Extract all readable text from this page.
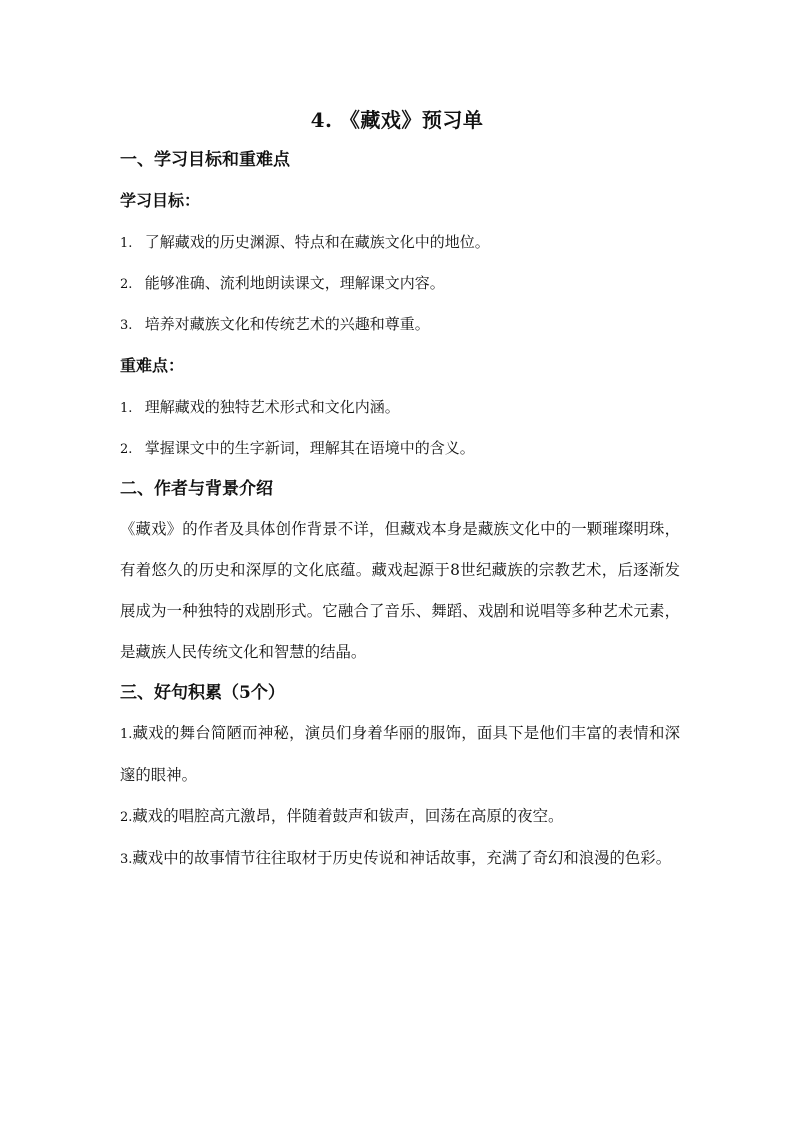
4. 《藏戏》预习单
一、学习目标和重难点
学习目标：
1. 了解藏戏的历史渊源、特点和在藏族文化中的地位。
2. 能够准确、流利地朗读课文，理解课文内容。
3. 培养对藏族文化和传统艺术的兴趣和尊重。
重难点：
1. 理解藏戏的独特艺术形式和文化内涵。
2. 掌握课文中的生字新词，理解其在语境中的含义。
二、作者与背景介绍
《藏戏》的作者及具体创作背景不详，但藏戏本身是藏族文化中的一颗璀璨明珠，有着悠久的历史和深厚的文化底蕴。藏戏起源于8世纪藏族的宗教艺术，后逐渐发展成为一种独特的戏剧形式。它融合了音乐、舞蹈、戏剧和说唱等多种艺术元素，是藏族人民传统文化和智慧的结晶。
三、好句积累（5个）
1.藏戏的舞台简陋而神秘，演员们身着华丽的服饰，面具下是他们丰富的表情和深邃的眼神。
2.藏戏的唱腔高亢激昂，伴随着鼓声和钹声，回荡在高原的夜空。
3.藏戏中的故事情节往往取材于历史传说和神话故事，充满了奇幻和浪漫的色彩。
